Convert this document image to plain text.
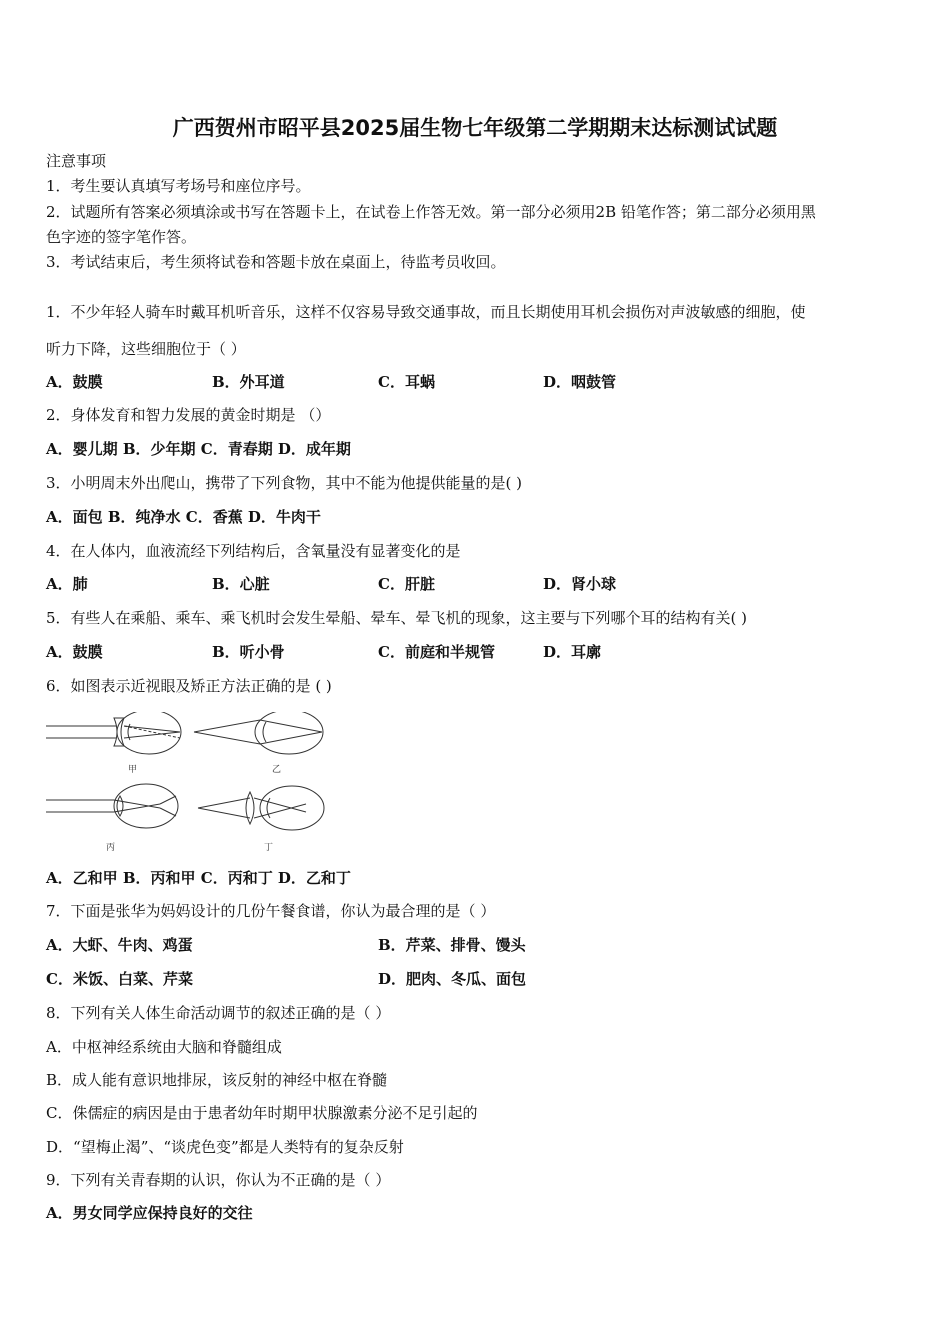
广西贺州市昭平县2025届生物七年级第二学期期末达标测试试题
注意事项
1．考生要认真填写考场号和座位序号。
2．试题所有答案必须填涂或书写在答题卡上，在试卷上作答无效。第一部分必须用2B 铅笔作答；第二部分必须用黑
色字迹的签字笔作答。
3．考试结束后，考生须将试卷和答题卡放在桌面上，待监考员收回。
1．不少年轻人骑车时戴耳机听音乐，这样不仅容易导致交通事故，而且长期使用耳机会损伤对声波敏感的细胞，使
听力下降，这些细胞位于（ ）
A．鼓膜	B．外耳道	C．耳蜗	D．咽鼓管
2．身体发育和智力发展的黄金时期是 （）
A．婴儿期 B．少年期 C．青春期 D．成年期
3．小明周末外出爬山，携带了下列食物，其中不能为他提供能量的是( )
A．面包 B．纯净水 C．香蕉 D．牛肉干
4．在人体内，血液流经下列结构后，含氧量没有显著变化的是
A．肺	B．心脏	C．肝脏	D．肾小球
5．有些人在乘船、乘车、乘飞机时会发生晕船、晕车、晕飞机的现象，这主要与下列哪个耳的结构有关( )
A．鼓膜	B．听小骨	C．前庭和半规管	D．耳廓
6．如图表示近视眼及矫正方法正确的是 ( )
甲	乙
丙	丁
A．乙和甲 B．丙和甲 C．丙和丁 D．乙和丁
7．下面是张华为妈妈设计的几份午餐食谱，你认为最合理的是（ ）
A．大虾、牛肉、鸡蛋	B．芹菜、排骨、馒头
C．米饭、白菜、芹菜	D．肥肉、冬瓜、面包
8．下列有关人体生命活动调节的叙述正确的是（ ）
A．中枢神经系统由大脑和脊髓组成
B．成人能有意识地排尿，该反射的神经中枢在脊髓
C．侏儒症的病因是由于患者幼年时期甲状腺激素分泌不足引起的
D．“望梅止渴”、“谈虎色变”都是人类特有的复杂反射
9．下列有关青春期的认识，你认为不正确的是（ ）
A．男女同学应保持良好的交往
